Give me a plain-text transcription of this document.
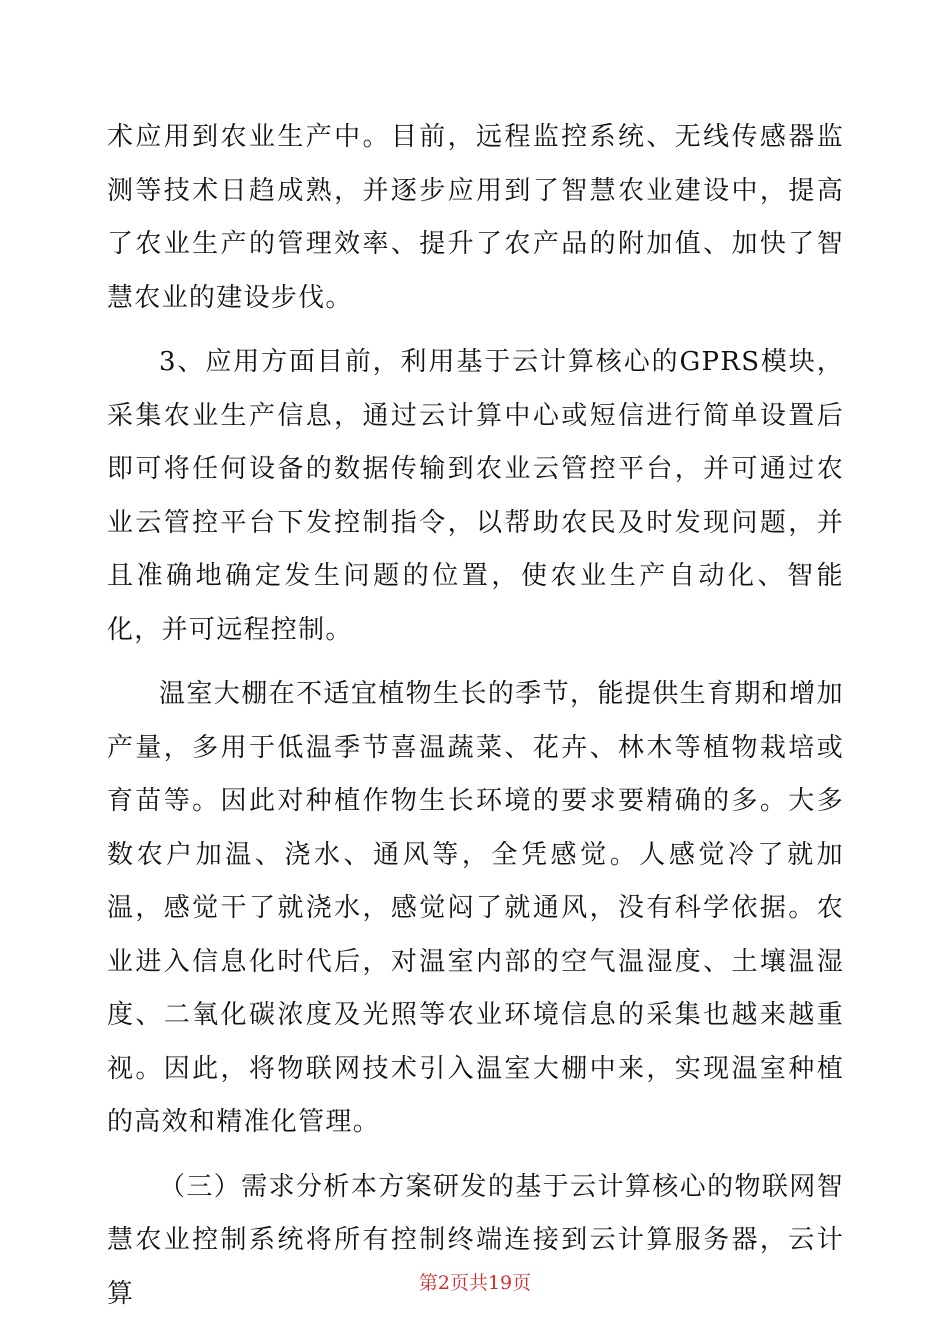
术应用到农业生产中。目前，远程监控系统、无线传感器监测等技术日趋成熟，并逐步应用到了智慧农业建设中，提高了农业生产的管理效率、提升了农产品的附加值、加快了智慧农业的建设步伐。

3、应用方面目前，利用基于云计算核心的GPRS模块，采集农业生产信息，通过云计算中心或短信进行简单设置后即可将任何设备的数据传输到农业云管控平台，并可通过农业云管控平台下发控制指令，以帮助农民及时发现问题，并且准确地确定发生问题的位置，使农业生产自动化、智能化，并可远程控制。

温室大棚在不适宜植物生长的季节，能提供生育期和增加产量，多用于低温季节喜温蔬菜、花卉、林木等植物栽培或育苗等。因此对种植作物生长环境的要求要精确的多。大多数农户加温、浇水、通风等，全凭感觉。人感觉冷了就加温，感觉干了就浇水，感觉闷了就通风，没有科学依据。农业进入信息化时代后，对温室内部的空气温湿度、土壤温湿度、二氧化碳浓度及光照等农业环境信息的采集也越来越重视。因此，将物联网技术引入温室大棚中来，实现温室种植的高效和精准化管理。

（三）需求分析本方案研发的基于云计算核心的物联网智慧农业控制系统将所有控制终端连接到云计算服务器，云计算	第2页共19页
